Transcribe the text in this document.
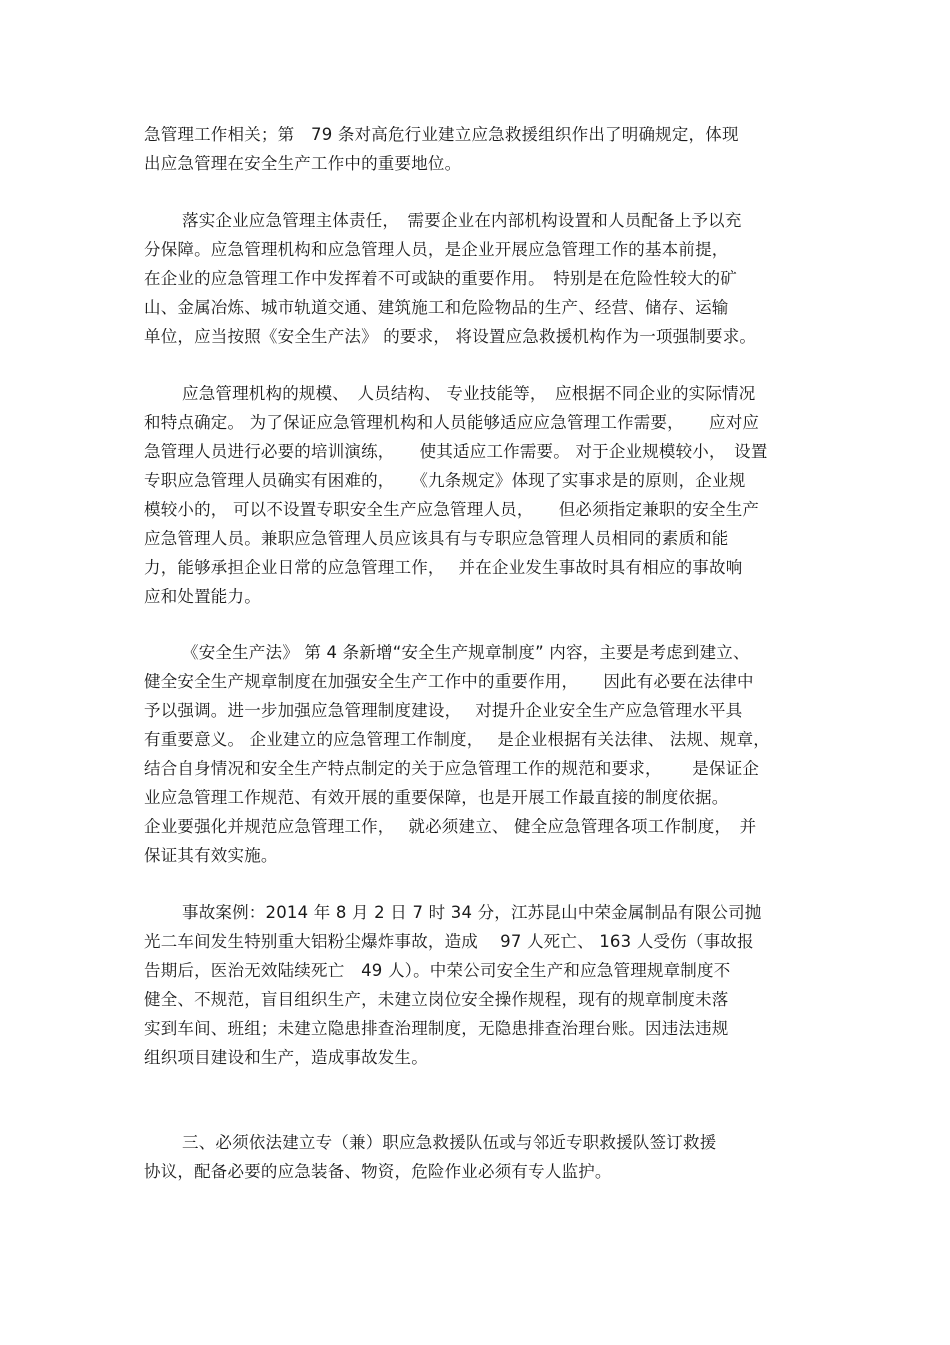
急管理工作相关；第　79 条对高危行业建立应急救援组织作出了明确规定，体现
出应急管理在安全生产工作中的重要地位。
落实企业应急管理主体责任，　需要企业在内部机构设置和人员配备上予以充
分保障。应急管理机构和应急管理人员，是企业开展应急管理工作的基本前提，
在企业的应急管理工作中发挥着不可或缺的重要作用。　特别是在危险性较大的矿
山、金属冶炼、城市轨道交通、建筑施工和危险物品的生产、经营、储存、运输
单位，应当按照《安全生产法》 的要求， 将设置应急救援机构作为一项强制要求。
应急管理机构的规模、　人员结构、 专业技能等，　应根据不同企业的实际情况
和特点确定。 为了保证应急管理机构和人员能够适应应急管理工作需要，　　应对应
急管理人员进行必要的培训演练，　　使其适应工作需要。 对于企业规模较小，　设置
专职应急管理人员确实有困难的，　　《九条规定》体现了实事求是的原则，企业规
模较小的， 可以不设置专职安全生产应急管理人员，　　但必须指定兼职的安全生产
应急管理人员。兼职应急管理人员应该具有与专职应急管理人员相同的素质和能
力，能够承担企业日常的应急管理工作，　 并在企业发生事故时具有相应的事故响
应和处置能力。
《安全生产法》 第 4 条新增“安全生产规章制度” 内容，主要是考虑到建立、
健全安全生产规章制度在加强安全生产工作中的重要作用，　　因此有必要在法律中
予以强调。进一步加强应急管理制度建设，　 对提升企业安全生产应急管理水平具
有重要意义。 企业建立的应急管理工作制度，　 是企业根据有关法律、 法规、规章，
结合自身情况和安全生产特点制定的关于应急管理工作的规范和要求，　　 是保证企
业应急管理工作规范、有效开展的重要保障，也是开展工作最直接的制度依据。
企业要强化并规范应急管理工作，　 就必须建立、 健全应急管理各项工作制度，　并
保证其有效实施。
事故案例：2014 年 8 月 2 日 7 时 34 分，江苏昆山中荣金属制品有限公司抛
光二车间发生特别重大铝粉尘爆炸事故，造成　 97 人死亡、 163 人受伤（事故报
告期后，医治无效陆续死亡　49 人）。中荣公司安全生产和应急管理规章制度不
健全、不规范，盲目组织生产，未建立岗位安全操作规程，现有的规章制度未落
实到车间、班组；未建立隐患排查治理制度，无隐患排查治理台账。因违法违规
组织项目建设和生产，造成事故发生。
三、必须依法建立专（兼）职应急救援队伍或与邻近专职救援队签订救援
协议，配备必要的应急装备、物资，危险作业必须有专人监护。
